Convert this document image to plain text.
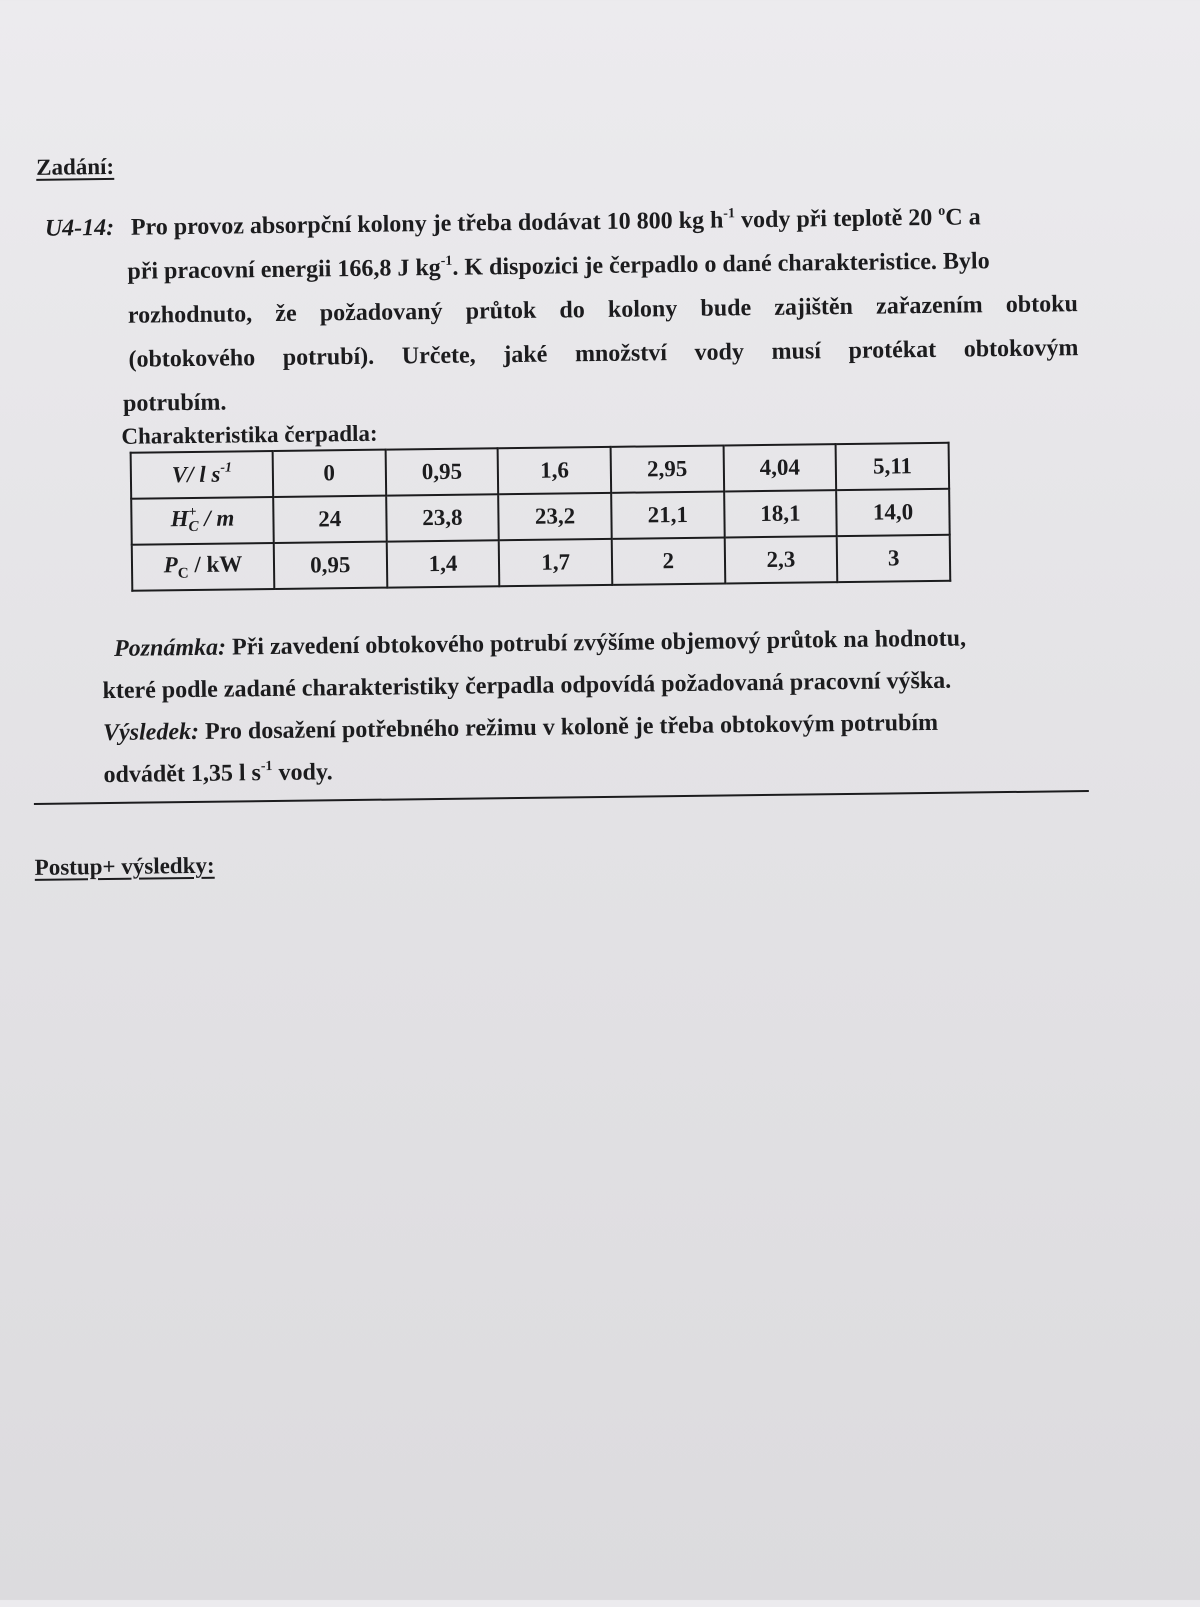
Zadání:
U4-14: Pro provoz absorpční kolony je třeba dodávat 10 800 kg $h^{-1}$ vody při teplotě 20 $^o$C a
při pracovní energii 166,8 J $kg^{-1}$. K dispozici je čerpadlo o dané charakteristice. Bylo
rozhodnuto, že požadovaný průtok do kolony bude zajištěn zařazením obtoku
(obtokového potrubí). Určete, jaké množství vody musí protékat obtokovým
potrubím.
Charakteristika čerpadla:
V/ l $s^{-1}$	0	0,95	1,6	2,95	4,04	5,11
$H^+_C$ / m	24	23,8	23,2	21,1	18,1	14,0
$P_C$ / kW	0,95	1,4	1,7	2	2,3	3
Poznámka: Při zavedení obtokového potrubí zvýšíme objemový průtok na hodnotu,
které podle zadané charakteristiky čerpadla odpovídá požadovaná pracovní výška.
Výsledek: Pro dosažení potřebného režimu v koloně je třeba obtokovým potrubím
odvádět 1,35 l $s^{-1}$ vody.
Postup+ výsledky:
